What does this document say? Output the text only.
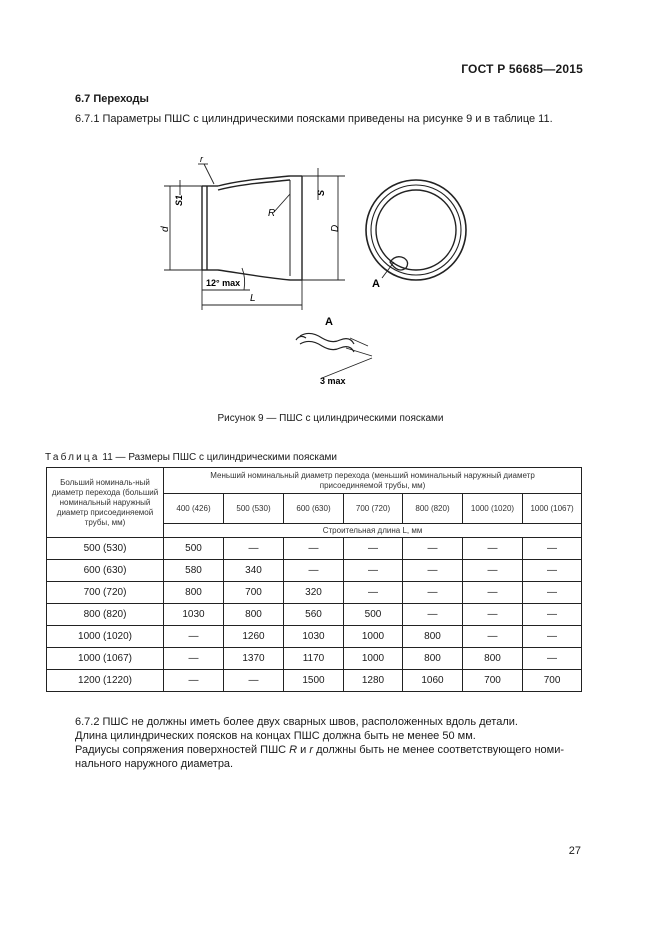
ГОСТ Р 56685—2015
6.7 Переходы
6.7.1 Параметры ПШС с цилиндрическими поясками приведены на рисунке 9 и в таблице 11.
r
S1
d
S
D
R
12° max
L
A
A
3 max
Рисунок 9 — ПШС с цилиндрическими поясками
Таблица 11 — Размеры ПШС с цилиндрическими поясками
Больший номиналь-ный диаметр перехода (больший номинальный наружный диаметр присоединяемой трубы, мм)	Меньший номинальный диаметр перехода (меньший номинальный наружный диаметр присоединяемой трубы, мм)						
	400 (426)	500 (530)	600 (630)	700 (720)	800 (820)	1000 (1020)	1000 (1067)
	Строительная длина L, мм						
500 (530)	500	—	—	—	—	—	—
600 (630)	580	340	—	—	—	—	—
700 (720)	800	700	320	—	—	—	—
800 (820)	1030	800	560	500	—	—	—
1000 (1020)	—	1260	1030	1000	800	—	—
1000 (1067)	—	1370	1170	1000	800	800	—
1200 (1220)	—	—	1500	1280	1060	700	700
6.7.2 ПШС не должны иметь более двух сварных швов, расположенных вдоль детали.
Длина цилиндрических поясков на концах ПШС должна быть не менее 50 мм.
Радиусы сопряжения поверхностей ПШС R и r должны быть не менее соответствующего номи-
нального наружного диаметра.
27
